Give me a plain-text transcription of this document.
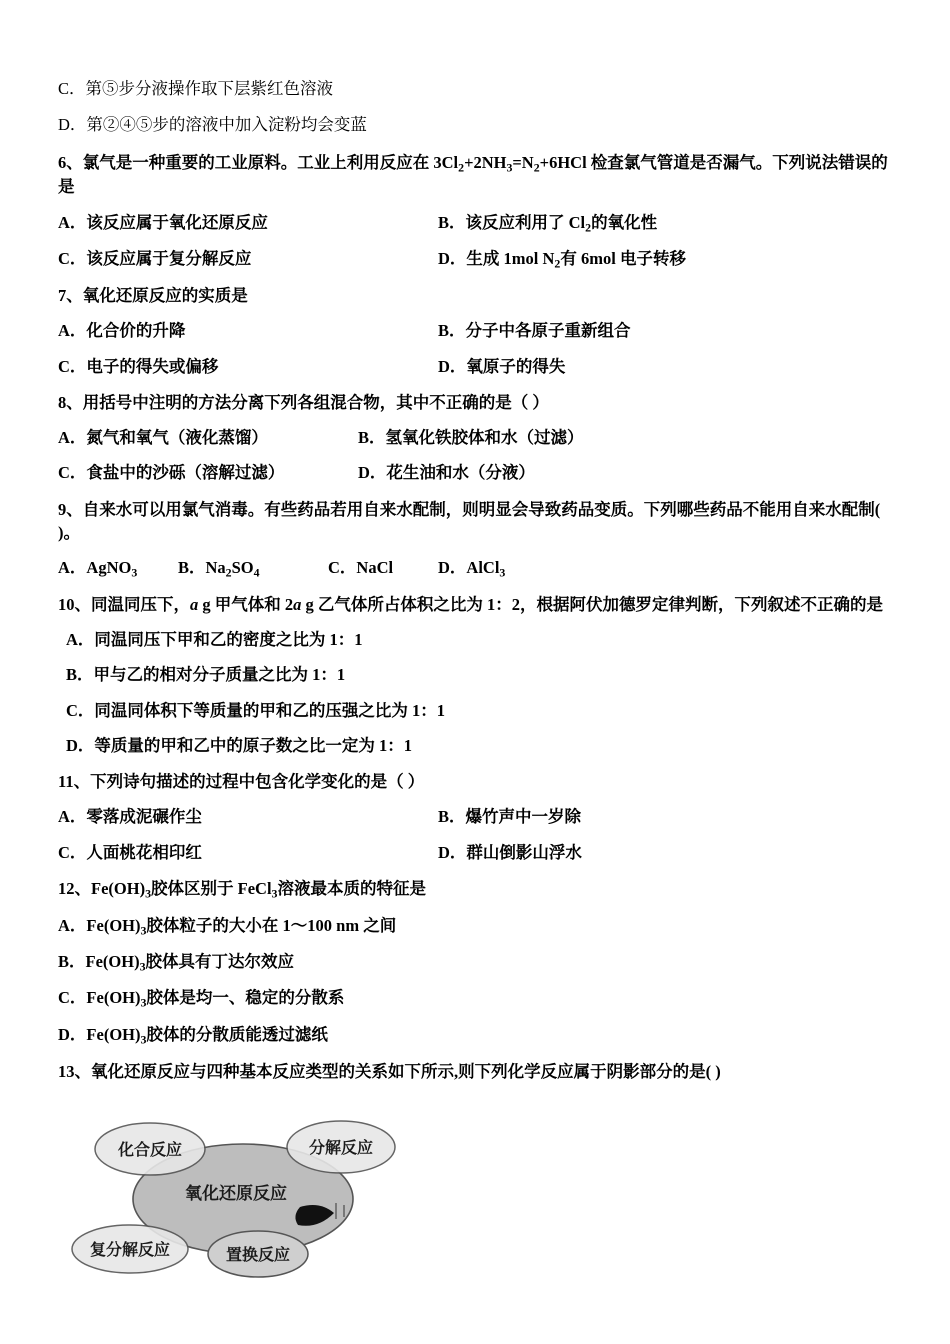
C．第⑤步分液操作取下层紫红色溶液
D．第②④⑤步的溶液中加入淀粉均会变蓝
6、氯气是一种重要的工业原料。工业上利用反应在 $3Cl_2+2NH_3=N_2+6HCl$ 检查氯气管道是否漏气。下列说法错误的是
A．该反应属于氧化还原反应	B．该反应利用了 $Cl_2$的氧化性
C．该反应属于复分解反应	D．生成 1mol $N_2$有 6mol 电子转移
7、氧化还原反应的实质是
A．化合价的升降	B．分子中各原子重新组合
C．电子的得失或偏移	D．氧原子的得失
8、用括号中注明的方法分离下列各组混合物，其中不正确的是（ ）
A．氮气和氧气（液化蒸馏）	B．氢氧化铁胶体和水（过滤）
C．食盐中的沙砾（溶解过滤）	D．花生油和水（分液）
9、自来水可以用氯气消毒。有些药品若用自来水配制，则明显会导致药品变质。下列哪些药品不能用自来水配制( )。
A．AgNO$_3$	B．$Na_2SO_4$	C．NaCl	D．AlCl$_3$
10、同温同压下，a g 甲气体和 2a g 乙气体所占体积之比为 1：2，根据阿伏加德罗定律判断，下列叙述不正确的是
A．同温同压下甲和乙的密度之比为 1：1
B．甲与乙的相对分子质量之比为 1：1
C．同温同体积下等质量的甲和乙的压强之比为 1：1
D．等质量的甲和乙中的原子数之比一定为 1：1
11、下列诗句描述的过程中包含化学变化的是（ ）
A．零落成泥碾作尘	B．爆竹声中一岁除
C．人面桃花相印红	D．群山倒影山浮水
12、$Fe(OH)_3$胶体区别于 FeCl$_3$溶液最本质的特征是
A．$Fe(OH)_3$胶体粒子的大小在 1～100 nm 之间
B．$Fe(OH)_3$胶体具有丁达尔效应
C．$Fe(OH)_3$胶体是均一、稳定的分散系
D．$Fe(OH)_3$胶体的分散质能透过滤纸
13、氧化还原反应与四种基本反应类型的关系如下所示,则下列化学反应属于阴影部分的是( )
化合反应	分解反应
复分解反应	置换反应
氧化还原反应
